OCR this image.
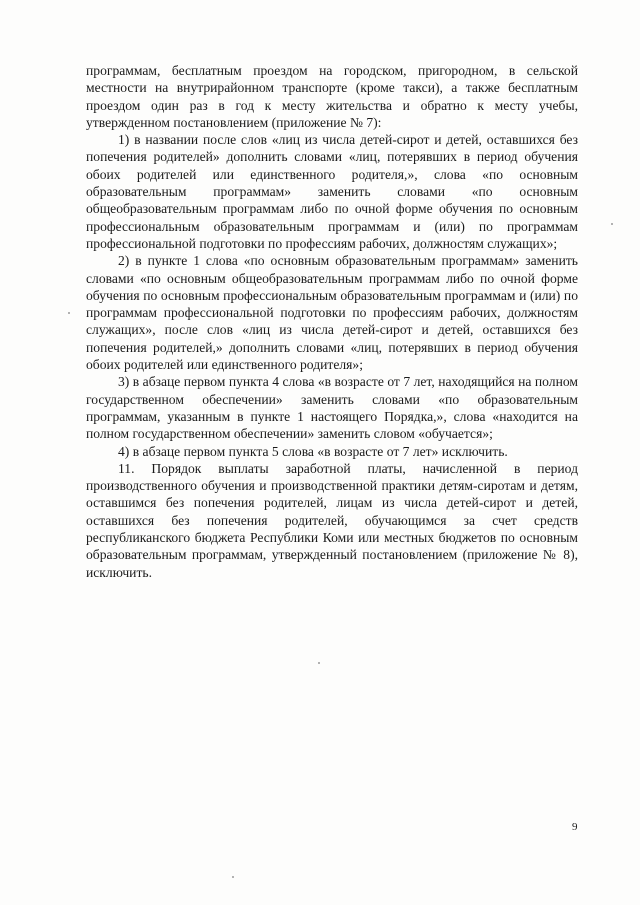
программам, бесплатным проездом на городском, пригородном, в сельской местности на внутрирайонном транспорте (кроме такси), а также бесплатным проездом один раз в год к месту жительства и обратно к месту учебы, утвержденном постановлением (приложение № 7):

1) в названии после слов «лиц из числа детей-сирот и детей, оставшихся без попечения родителей» дополнить словами «лиц, потерявших в период обучения обоих родителей или единственного родителя,», слова «по основным образовательным программам» заменить словами «по основным общеобразовательным программам либо по очной форме обучения по основным профессиональным образовательным программам и (или) по программам профессиональной подготовки по профессиям рабочих, должностям служащих»;

2) в пункте 1 слова «по основным образовательным программам» заменить словами «по основным общеобразовательным программам либо по очной форме обучения по основным профессиональным образовательным программам и (или) по программам профессиональной подготовки по профессиям рабочих, должностям служащих», после слов «лиц из числа детей-сирот и детей, оставшихся без попечения родителей,» дополнить словами «лиц, потерявших в период обучения обоих родителей или единственного родителя»;

3) в абзаце первом пункта 4 слова «в возрасте от 7 лет, находящийся на полном государственном обеспечении» заменить словами «по образовательным программам, указанным в пункте 1 настоящего Порядка,», слова «находится на полном государственном обеспечении» заменить словом «обучается»;

4) в абзаце первом пункта 5 слова «в возрасте от 7 лет» исключить.

11. Порядок выплаты заработной платы, начисленной в период производственного обучения и производственной практики детям-сиротам и детям, оставшимся без попечения родителей, лицам из числа детей-сирот и детей, оставшихся без попечения родителей, обучающимся за счет средств республиканского бюджета Республики Коми или местных бюджетов по основным образовательным программам, утвержденный постановлением (приложение № 8), исключить.

9
